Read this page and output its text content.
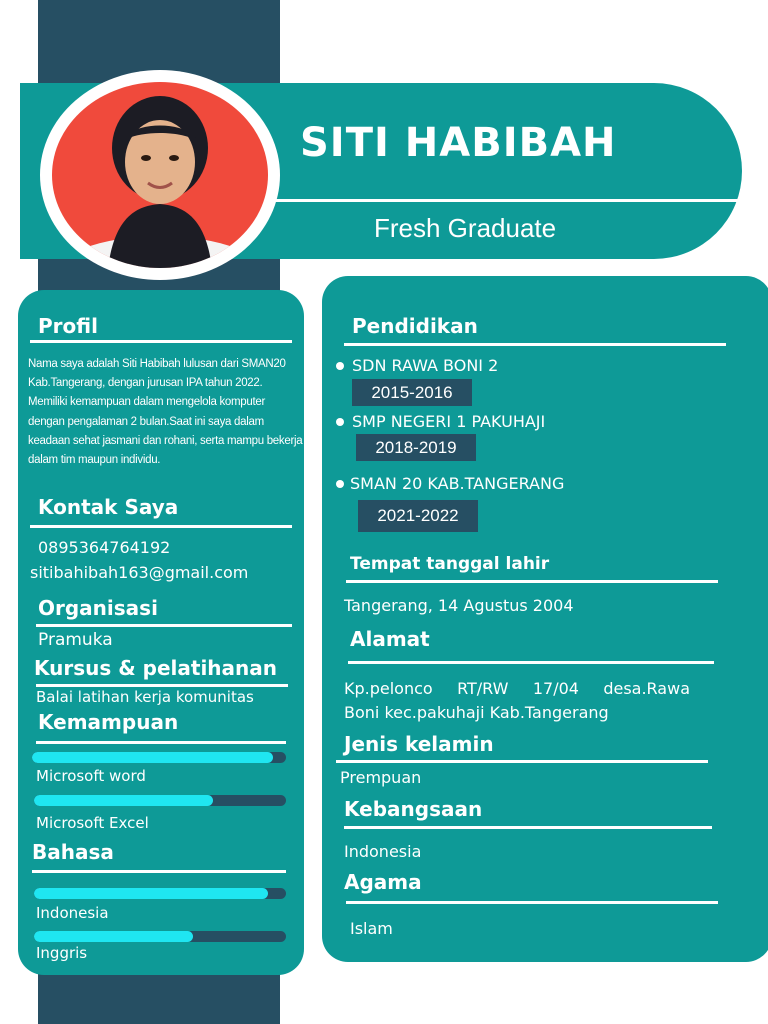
SITI HABIBAH
Fresh Graduate
Profil
Nama saya adalah Siti Habibah lulusan dari SMAN20 Kab.Tangerang, dengan jurusan IPA tahun 2022. Memiliki kemampuan dalam mengelola komputer dengan pengalaman 2 bulan.Saat ini saya dalam keadaan sehat jasmani dan rohani, serta mampu bekerja dalam tim maupun individu.
Kontak Saya
0895364764192
sitibahibah163@gmail.com
Organisasi
Pramuka
Kursus & pelatihanan
Balai latihan kerja komunitas
Kemampuan
Microsoft word
Microsoft Excel
Bahasa
Indonesia
Inggris
Pendidikan
SDN RAWA BONI 2
2015-2016
SMP NEGERI 1 PAKUHAJI
2018-2019
SMAN 20 KAB.TANGERANG
2021-2022
Tempat tanggal lahir
Tangerang, 14 Agustus 2004
Alamat
Kp.pelonco RT/RW 17/04 desa.Rawa
Boni kec.pakuhaji Kab.Tangerang
Jenis kelamin
Prempuan
Kebangsaan
Indonesia
Agama
Islam
